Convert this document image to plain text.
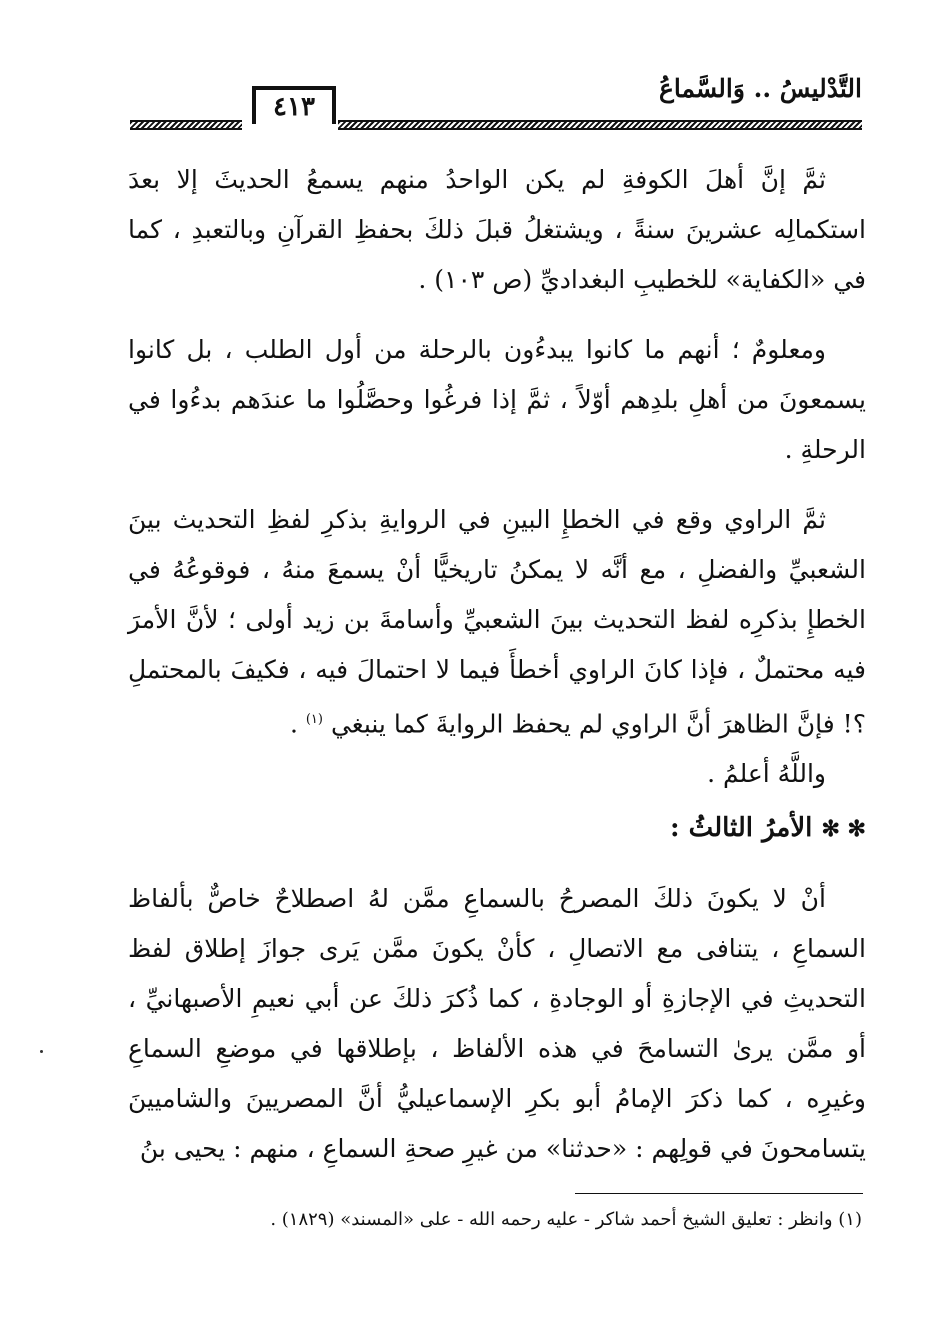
التَّدْليسُ .. وَالسَّماعُ
٤١٣

ثمَّ إنَّ أهلَ الكوفةِ لم يكن الواحدُ منهم يسمعُ الحديثَ إلا بعدَ استكمالِه عشرينَ سنةً ، ويشتغلُ قبلَ ذلكَ بحفظِ القرآنِ وبالتعبدِ ، كما في «الكفاية» للخطيبِ البغداديِّ (ص ١٠٣) .

ومعلومٌ ؛ أنهم ما كانوا يبدءُون بالرحلة من أول الطلب ، بل كانوا يسمعونَ من أهلِ بلدِهم أوّلاً ، ثمَّ إذا فرغُوا وحصَّلُوا ما عندَهم بدءُوا في الرحلةِ .

ثمَّ الراوي وقع في الخطإِ البينِ في الروايةِ بذكرِ لفظِ التحديث بينَ الشعبيِّ والفضلِ ، مع أنَّه لا يمكنُ تاريخيًّا أنْ يسمعَ منهُ ، فوقوعُهُ في الخطإِ بذكرِه لفظ التحديث بينَ الشعبيِّ وأسامةَ بن زيد أولى ؛ لأنَّ الأمرَ فيه محتملٌ ، فإذا كانَ الراوي أخطأَ فيما لا احتمالَ فيه ، فكيفَ بالمحتملِ ؟! فإنَّ الظاهرَ أنَّ الراوي لم يحفظ الروايةَ كما ينبغي $^{(١)}$ .

واللَّهُ أعلمُ .

✻ ✻ الأمرُ الثالثُ :

أنْ لا يكونَ ذلكَ المصرحُ بالسماعِ ممَّن لهُ اصطلاحٌ خاصٌّ بألفاظ السماعِ ، يتنافى مع الاتصالِ ، كأنْ يكونَ ممَّن يَرى جوازَ إطلاق لفظ التحديثِ في الإجازةِ أو الوجادةِ ، كما ذُكرَ ذلكَ عن أبي نعيمِ الأصبهانيِّ ، أو ممَّن يرىٰ التسامحَ في هذه الألفاظ ، بإطلاقها في موضعِ السماعِ وغيرِه ، كما ذكرَ الإمامُ أبو بكرِ الإسماعيليُّ أنَّ المصريينَ والشاميينَ يتسامحونَ في قولِهم : «حدثنا» من غيرِ صحةِ السماعِ ، منهم : يحيى بنُ

(١) وانظر : تعليق الشيخ أحمد شاكر - عليه رحمه الله - على «المسند» (١٨٢٩) .
